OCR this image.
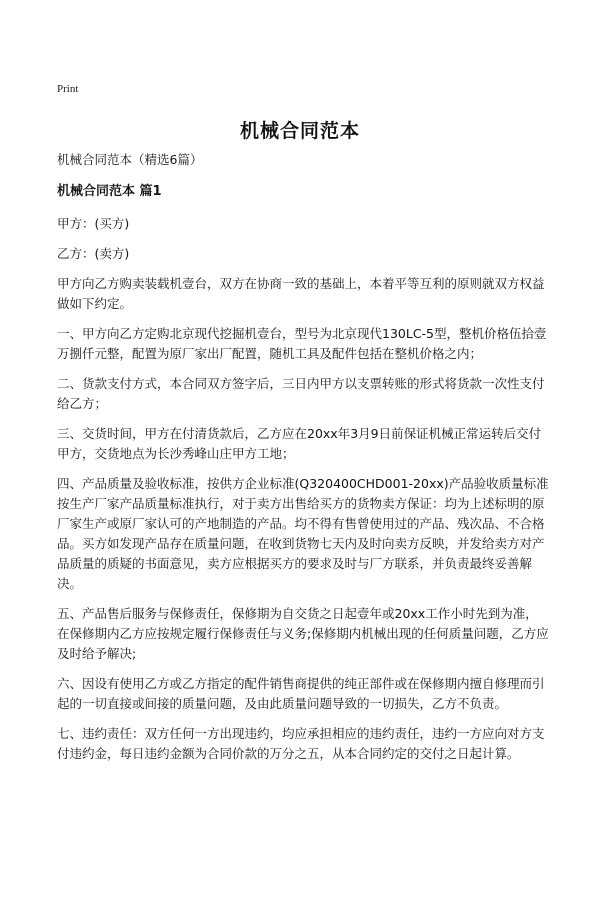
Print
机械合同范本
机械合同范本（精选6篇）
机械合同范本 篇1
甲方：(买方)
乙方：(卖方)
甲方向乙方购卖装载机壹台，双方在协商一致的基础上，本着平等互利的原则就双方权益做如下约定。
一、甲方向乙方定购北京现代挖掘机壹台，型号为北京现代130LC-5型，整机价格伍拾壹万捌仟元整，配置为原厂家出厂配置，随机工具及配件包括在整机价格之内；
二、货款支付方式，本合同双方签字后，三日内甲方以支票转账的形式将货款一次性支付给乙方；
三、交货时间，甲方在付清货款后，乙方应在20xx年3月9日前保证机械正常运转后交付甲方，交货地点为长沙秀峰山庄甲方工地；
四、产品质量及验收标准，按供方企业标准(Q320400CHD001-20xx)产品验收质量标准按生产厂家产品质量标准执行，对于卖方出售给买方的货物卖方保证：均为上述标明的原厂家生产或原厂家认可的产地制造的产品。均不得有售曾使用过的产品、残次品、不合格品。买方如发现产品存在质量问题，在收到货物七天内及时向卖方反映，并发给卖方对产品质量的质疑的书面意见，卖方应根据买方的要求及时与厂方联系，并负责最终妥善解决。
五、产品售后服务与保修责任，保修期为自交货之日起壹年或20xx工作小时先到为准，在保修期内乙方应按规定履行保修责任与义务;保修期内机械出现的任何质量问题，乙方应及时给予解决;
六、因设有使用乙方或乙方指定的配件销售商提供的纯正部件或在保修期内擅自修理而引起的一切直接或间接的质量问题，及由此质量问题导致的一切损失，乙方不负责。
七、违约责任：双方任何一方出现违约，均应承担相应的违约责任，违约一方应向对方支付违约金，每日违约金额为合同价款的万分之五，从本合同约定的交付之日起计算。
